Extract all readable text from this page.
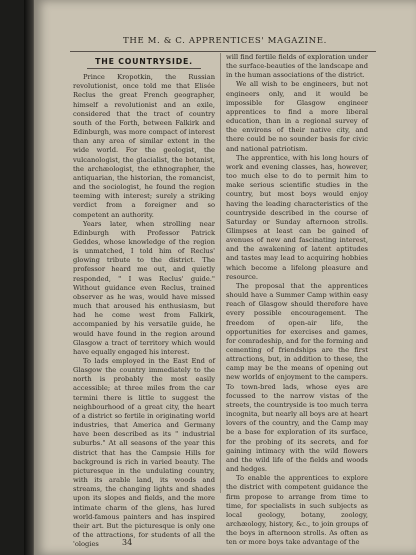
THE M. & C. APPRENTICES' MAGAZINE.
THE COUNTRYSIDE.

Prince Kropotkin, the Russian revolutionist, once told me that Elisée Reclus the great French geographer, himself a revolutionist and an exile, considered that the tract of country south of the Forth, between Falkirk and Edinburgh, was more compact of interest than any area of similar extent in the wide world. For the geologist, the vulcanologist, the glacialist, the botanist, the archæologist, the ethnographer, the antiquarian, the historian, the romancist, and the sociologist, he found the region teeming with interest; surely a striking verdict from a foreigner and so competent an authority.

Years later, when strolling near Edinburgh with Professor Patrick Geddes, whose knowledge of the region is unmatched, I told him of Reclus' glowing tribute to the district. The professor heard me out, and quietly responded, " I was Reclus' guide." Without guidance even Reclus, trained observer as he was, would have missed much that aroused his enthusiasm, but had he come west from Falkirk, accompanied by his versatile guide, he would have found in the region around Glasgow a tract of territory which would have equally engaged his interest.

To lads employed in the East End of Glasgow the country immediately to the north is probably the most easily accessible; at three miles from the car termini there is little to suggest the neighbourhood of a great city, the heart of a district so fertile in originating world industries, that America and Germany have been described as its " industrial suburbs." At all seasons of the year this district that has the Campsie Hills for background is rich in varied beauty. The picturesque in the undulating country, with its arable land, its woods and streams, the changing lights and shades upon its slopes and fields, and the more intimate charm of the glens, has lured world-famous painters and has inspired their art. But the picturesque is only one of the attractions, for students of all the 'ologies

will find fertile fields of exploration under the surface-beauties of the landscape and in the human associations of the district.

We all wish to be engineers, but not engineers only, and it would be impossible for Glasgow engineer apprentices to find a more liberal education, than in a regional survey of the environs of their native city, and there could be no sounder basis for civic and national patriotism.

The apprentice, with his long hours of work and evening classes, has, however, too much else to do to permit him to make serious scientific studies in the country, but most boys would enjoy having the leading characteristics of the countryside described in the course of Saturday or Sunday afternoon strolls. Glimpses at least can be gained of avenues of new and fascinating interest, and the awakening of latent aptitudes and tastes may lead to acquiring hobbies which become a lifelong pleasure and resource.

The proposal that the apprentices should have a Summer Camp within easy reach of Glasgow should therefore have every possible encouragement. The freedom of open-air life, the opportunities for exercises and games, for comradeship, and for the forming and cementing of friendships are the first attractions, but, in addition to these, the camp may be the means of opening out new worlds of enjoyment to the campers. To town-bred lads, whose eyes are focussed to the narrow vistas of the streets, the countryside is too much terra incognita, but nearly all boys are at heart lovers of the country, and the Camp may be a base for exploration of its surface, for the probing of its secrets, and for gaining intimacy with the wild flowers and the wild life of the fields and woods and hedges.

To enable the apprentices to explore the district with competent guidance the firm propose to arrange from time to time, for specialists in such subjects as local geology, botany, zoology, archæology, history, &c., to join groups of the boys in afternoon strolls. As often as ten or more boys take advantage of the

34
